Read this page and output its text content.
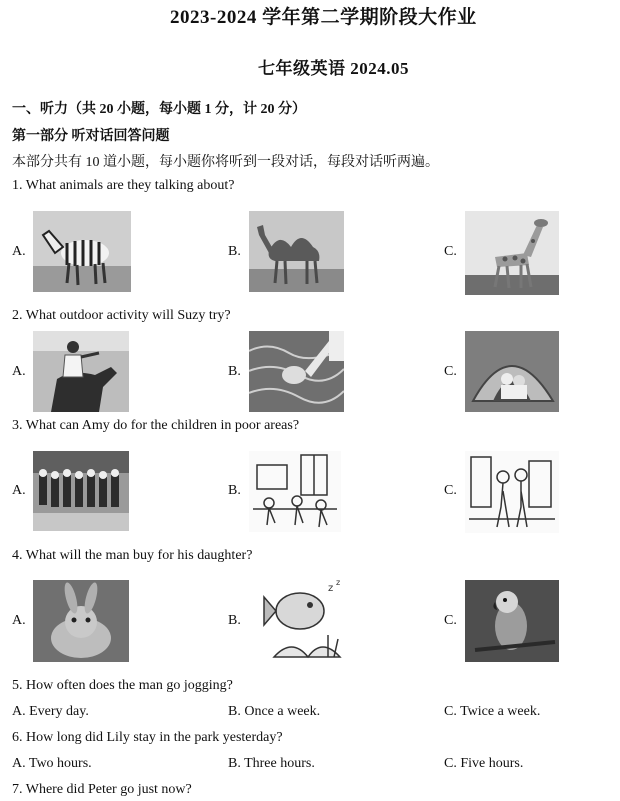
2023-2024 学年第二学期阶段大作业
七年级英语 2024.05
一、听力（共 20 小题，每小题 1 分，计 20 分）
第一部分 听对话回答问题
本部分共有 10 道小题，每小题你将听到一段对话，每段对话听两遍。
1. What animals are they talking about?
A.	B.	C.
2. What outdoor activity will Suzy try?
A.	B.	C.
3. What can Amy do for the children in poor areas?
A.	B.	C.
4. What will the man buy for his daughter?
A.	B.
z
z
C.
5. How often does the man go jogging?
A. Every day.	B. Once a week.	C. Twice a week.
6. How long did Lily stay in the park yesterday?
A. Two hours.	B. Three hours.	C. Five hours.
7. Where did Peter go just now?
